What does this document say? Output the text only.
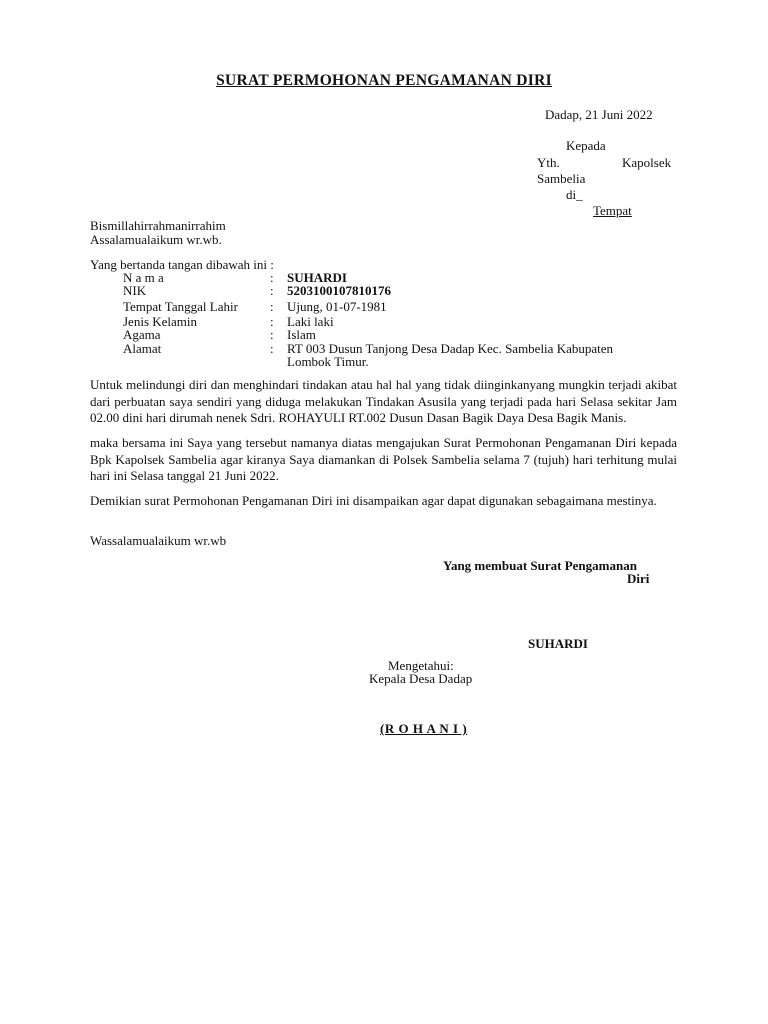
SURAT PERMOHONAN PENGAMANAN DIRI
Dadap, 21 Juni 2022
Kepada
Yth.	Kapolsek
Sambelia
di_
Tempat
Bismillahirrahmanirrahim
Assalamualaikum wr.wb.
Yang bertanda tangan dibawah ini :
N a m a	: SUHARDI
NIK	: 5203100107810176
Tempat Tanggal Lahir : Ujung, 01-07-1981
Jenis Kelamin	: Laki laki
Agama	: Islam
Alamat	: RT 003 Dusun Tanjong Desa Dadap Kec. Sambelia Kabupaten
Lombok Timur.
Untuk melindungi diri dan menghindari tindakan atau hal hal yang tidak diinginkanyang mungkin terjadi akibat dari perbuatan saya sendiri yang diduga melakukan Tindakan Asusila yang terjadi pada hari Selasa sekitar Jam 02.00 dini hari dirumah nenek Sdri. ROHAYULI RT.002 Dusun Dasan Bagik Daya Desa Bagik Manis.
maka bersama ini Saya yang tersebut namanya diatas mengajukan Surat Permohonan Pengamanan Diri kepada Bpk Kapolsek Sambelia agar kiranya Saya diamankan di Polsek Sambelia selama 7 (tujuh) hari terhitung mulai hari ini Selasa tanggal 21 Juni 2022.
Demikian surat Permohonan Pengamanan Diri ini disampaikan agar dapat digunakan sebagaimana mestinya.
Wassalamualaikum wr.wb
Yang membuat Surat Pengamanan
Diri
SUHARDI
Mengetahui:
Kepala Desa Dadap
(R O H A N I )
